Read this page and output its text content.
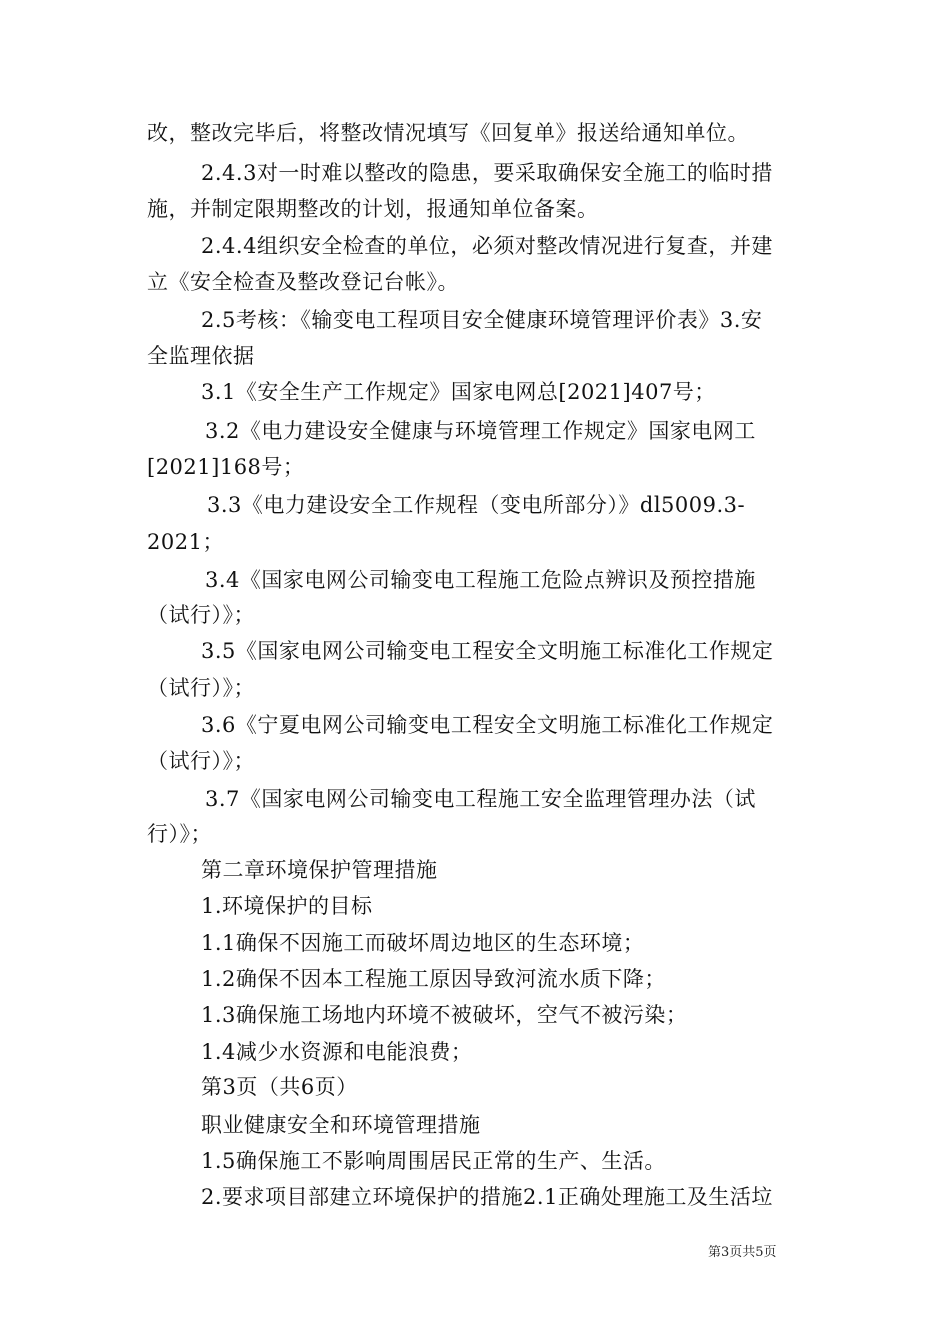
改，整改完毕后，将整改情况填写《回复单》报送给通知单位。
2.4.3对一时难以整改的隐患，要采取确保安全施工的临时措
施，并制定限期整改的计划，报通知单位备案。
2.4.4组织安全检查的单位，必须对整改情况进行复查，并建
立《安全检查及整改登记台帐》。
2.5考核：《输变电工程项目安全健康环境管理评价表》3.安
全监理依据
3.1《安全生产工作规定》国家电网总[2021]407号；
3.2《电力建设安全健康与环境管理工作规定》国家电网工
[2021]168号；
3.3《电力建设安全工作规程（变电所部分）》dl5009.3-
2021；
3.4《国家电网公司输变电工程施工危险点辨识及预控措施
（试行）》；
3.5《国家电网公司输变电工程安全文明施工标准化工作规定
（试行）》；
3.6《宁夏电网公司输变电工程安全文明施工标准化工作规定
（试行）》；
3.7《国家电网公司输变电工程施工安全监理管理办法（试
行）》；
第二章环境保护管理措施
1.环境保护的目标
1.1确保不因施工而破坏周边地区的生态环境；
1.2确保不因本工程施工原因导致河流水质下降；
1.3确保施工场地内环境不被破坏，空气不被污染；
1.4减少水资源和电能浪费；
第3页（共6页）
职业健康安全和环境管理措施
1.5确保施工不影响周围居民正常的生产、生活。
2.要求项目部建立环境保护的措施2.1正确处理施工及生活垃
第3页共5页
